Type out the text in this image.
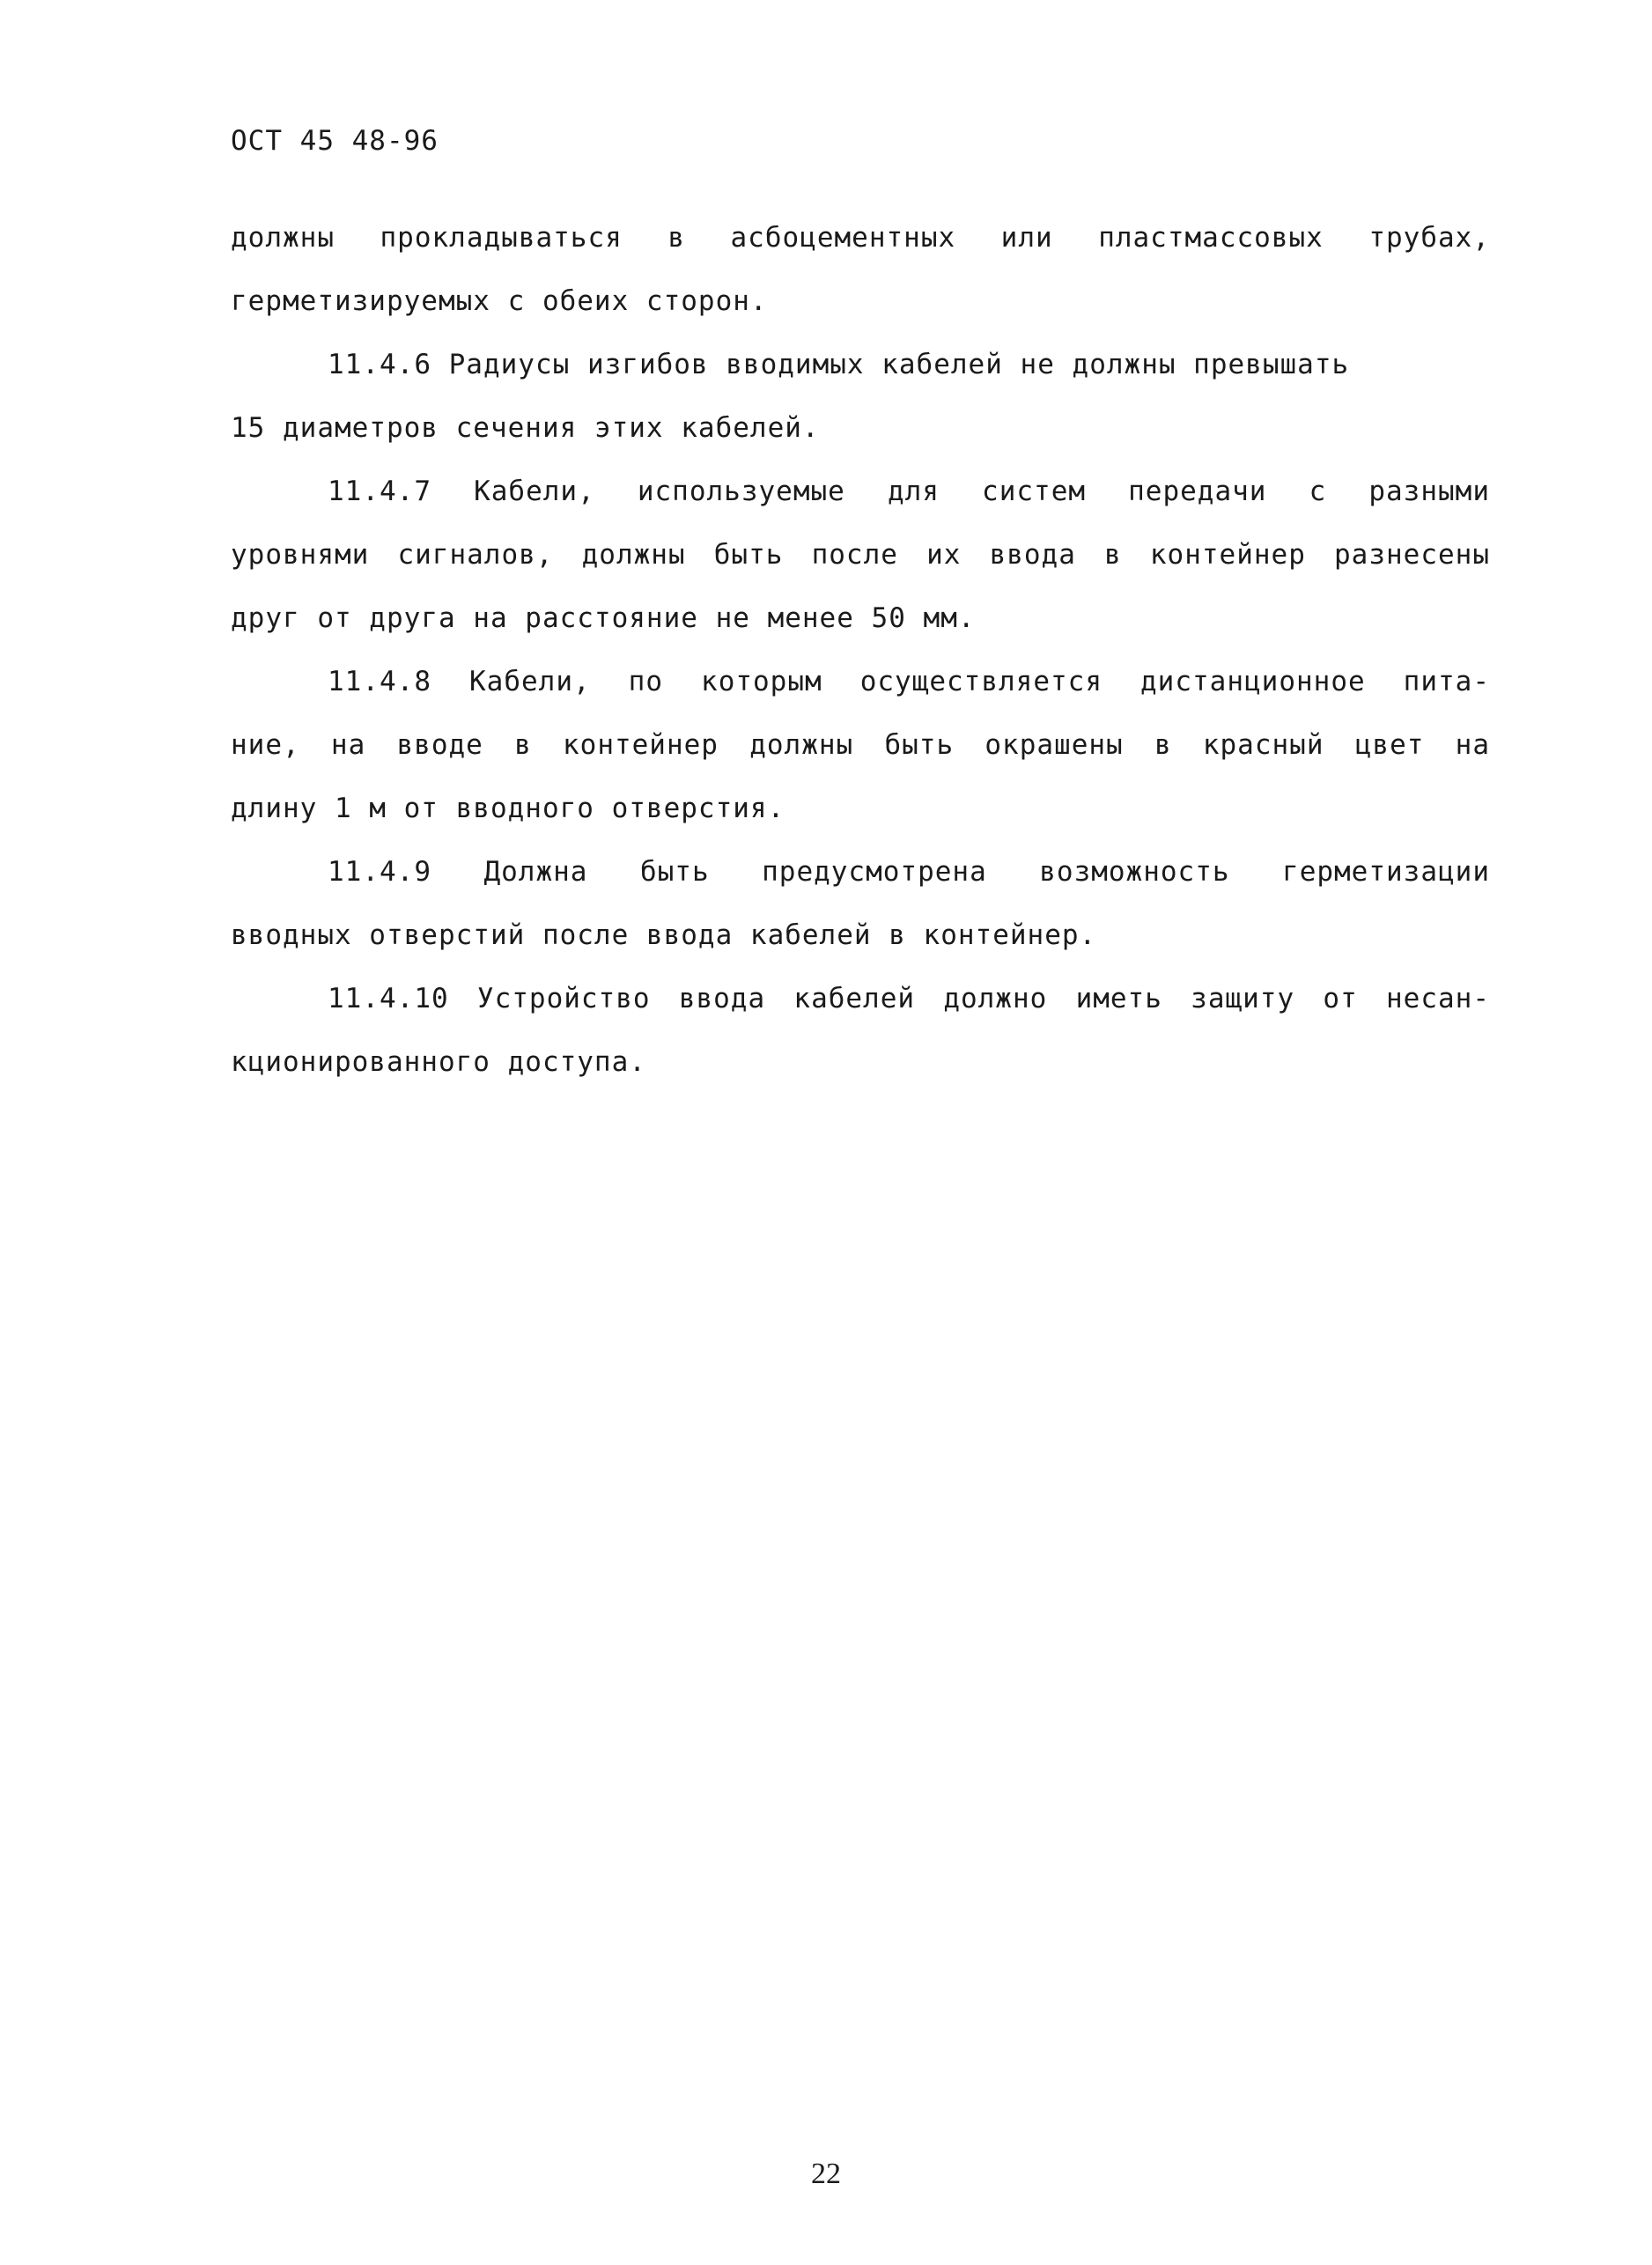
ОСТ 45 48-96
должны прокладываться в асбоцементных или пластмассовых трубах,
герметизируемых с обеих сторон.
11.4.6 Радиусы изгибов вводимых кабелей не должны превышать
15 диаметров сечения этих кабелей.
11.4.7 Кабели, используемые для систем передачи с разными
уровнями сигналов, должны быть после их ввода в контейнер разнесены
друг от друга на расстояние не менее 50 мм.
11.4.8 Кабели, по которым осуществляется дистанционное пита-
ние, на вводе в контейнер должны быть окрашены в красный цвет на
длину 1 м от вводного отверстия.
11.4.9 Должна быть предусмотрена возможность герметизации
вводных отверстий после ввода кабелей в контейнер.
11.4.10 Устройство ввода кабелей должно иметь защиту от несан-
кционированного доступа.
22
